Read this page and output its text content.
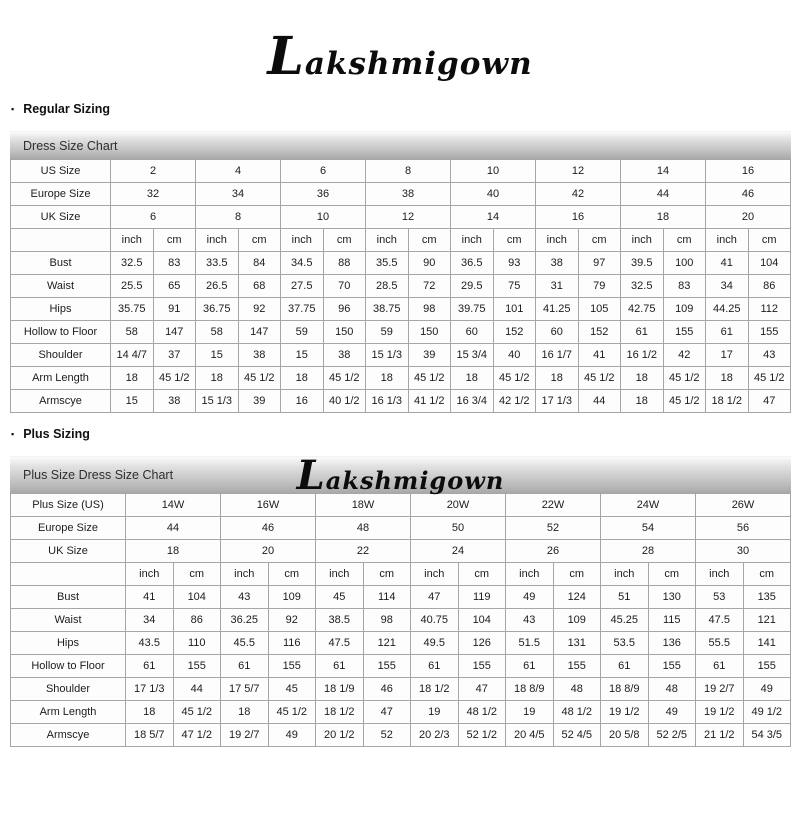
Lakshmigown
▪ Regular Sizing
Dress Size Chart
US Size	2		4		6		8		10		12		14		16	
Europe Size	32		34		36		38		40		42		44		46	
UK Size	6		8		10		12		14		16		18		20	
	inch	cm	inch	cm	inch	cm	inch	cm	inch	cm	inch	cm	inch	cm	inch	cm
Bust	32.5	83	33.5	84	34.5	88	35.5	90	36.5	93	38	97	39.5	100	41	104
Waist	25.5	65	26.5	68	27.5	70	28.5	72	29.5	75	31	79	32.5	83	34	86
Hips	35.75	91	36.75	92	37.75	96	38.75	98	39.75	101	41.25	105	42.75	109	44.25	112
Hollow to Floor	58	147	58	147	59	150	59	150	60	152	60	152	61	155	61	155
Shoulder	14 4/7	37	15	38	15	38	15 1/3	39	15 3/4	40	16 1/7	41	16 1/2	42	17	43
Arm Length	18	45 1/2	18	45 1/2	18	45 1/2	18	45 1/2	18	45 1/2	18	45 1/2	18	45 1/2	18	45 1/2
Armscye	15	38	15 1/3	39	16	40 1/2	16 1/3	41 1/2	16 3/4	42 1/2	17 1/3	44	18	45 1/2	18 1/2	47
▪ Plus Sizing
Plus Size Dress Size Chart	Lakshmigown
Plus Size (US)	14W		16W		18W		20W		22W		24W		26W	
Europe Size	44		46		48		50		52		54		56	
UK Size	18		20		22		24		26		28		30	
	inch	cm	inch	cm	inch	cm	inch	cm	inch	cm	inch	cm	inch	cm
Bust	41	104	43	109	45	114	47	119	49	124	51	130	53	135
Waist	34	86	36.25	92	38.5	98	40.75	104	43	109	45.25	115	47.5	121
Hips	43.5	110	45.5	116	47.5	121	49.5	126	51.5	131	53.5	136	55.5	141
Hollow to Floor	61	155	61	155	61	155	61	155	61	155	61	155	61	155
Shoulder	17 1/3	44	17 5/7	45	18 1/9	46	18 1/2	47	18 8/9	48	18 8/9	48	19 2/7	49
Arm Length	18	45 1/2	18	45 1/2	18 1/2	47	19	48 1/2	19	48 1/2	19 1/2	49	19 1/2	49 1/2
Armscye	18 5/7	47 1/2	19 2/7	49	20 1/2	52	20 2/3	52 1/2	20 4/5	52 4/5	20 5/8	52 2/5	21 1/2	54 3/5
